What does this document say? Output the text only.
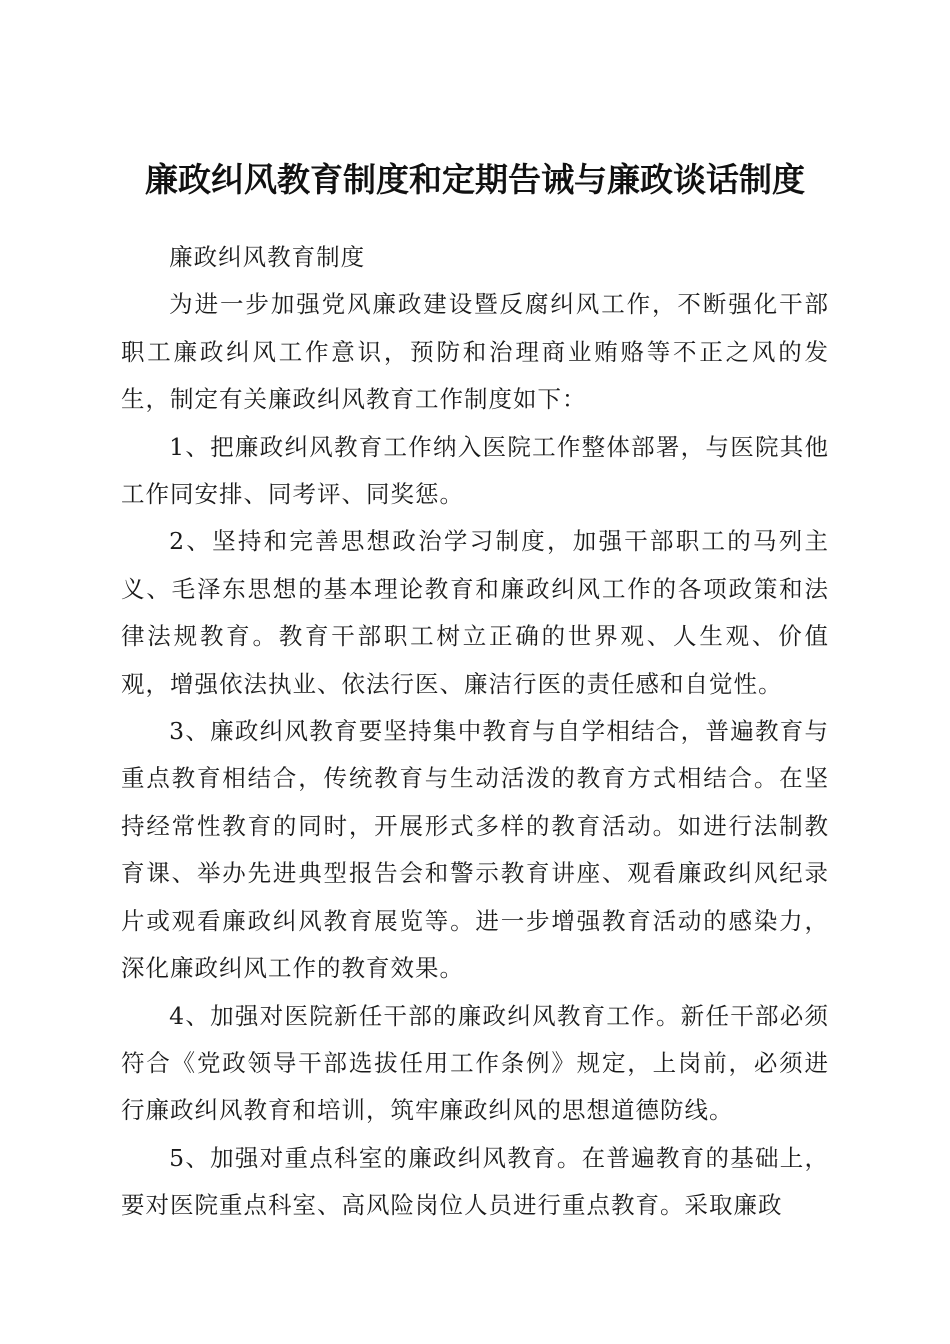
廉政纠风教育制度和定期告诫与廉政谈话制度

廉政纠风教育制度

为进一步加强党风廉政建设暨反腐纠风工作，不断强化干部职工廉政纠风工作意识，预防和治理商业贿赂等不正之风的发生，制定有关廉政纠风教育工作制度如下：

1、把廉政纠风教育工作纳入医院工作整体部署，与医院其他工作同安排、同考评、同奖惩。

2、坚持和完善思想政治学习制度，加强干部职工的马列主义、毛泽东思想的基本理论教育和廉政纠风工作的各项政策和法律法规教育。教育干部职工树立正确的世界观、人生观、价值观，增强依法执业、依法行医、廉洁行医的责任感和自觉性。

3、廉政纠风教育要坚持集中教育与自学相结合，普遍教育与重点教育相结合，传统教育与生动活泼的教育方式相结合。在坚持经常性教育的同时，开展形式多样的教育活动。如进行法制教育课、举办先进典型报告会和警示教育讲座、观看廉政纠风纪录片或观看廉政纠风教育展览等。进一步增强教育活动的感染力，深化廉政纠风工作的教育效果。

4、加强对医院新任干部的廉政纠风教育工作。新任干部必须符合《党政领导干部选拔任用工作条例》规定，上岗前，必须进行廉政纠风教育和培训，筑牢廉政纠风的思想道德防线。

5、加强对重点科室的廉政纠风教育。在普遍教育的基础上，要对医院重点科室、高风险岗位人员进行重点教育。采取廉政
